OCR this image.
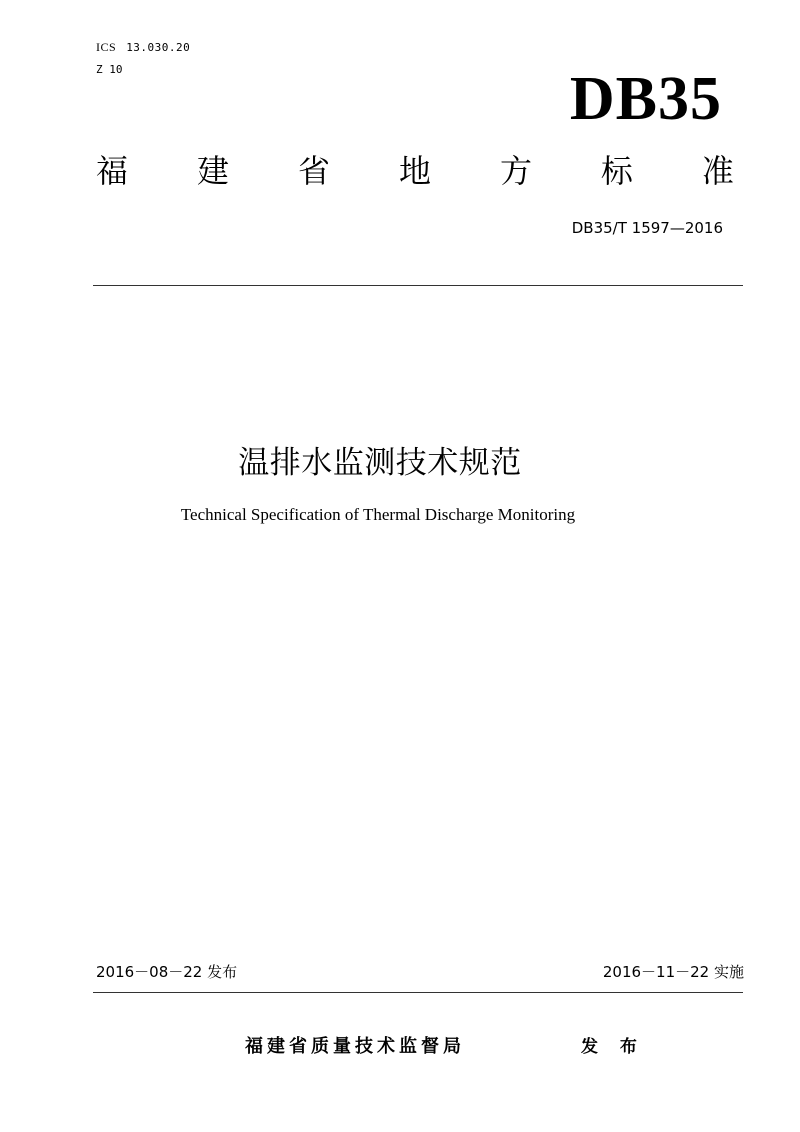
ICS 13.030.20
Z 10	DB35
福 建 省 地 方 标 准
DB35/T 1597—2016
温排水监测技术规范
Technical Specification of Thermal Discharge Monitoring
2016－08－22 发布	2016－11－22 实施
福建省质量技术监督局	发 布
